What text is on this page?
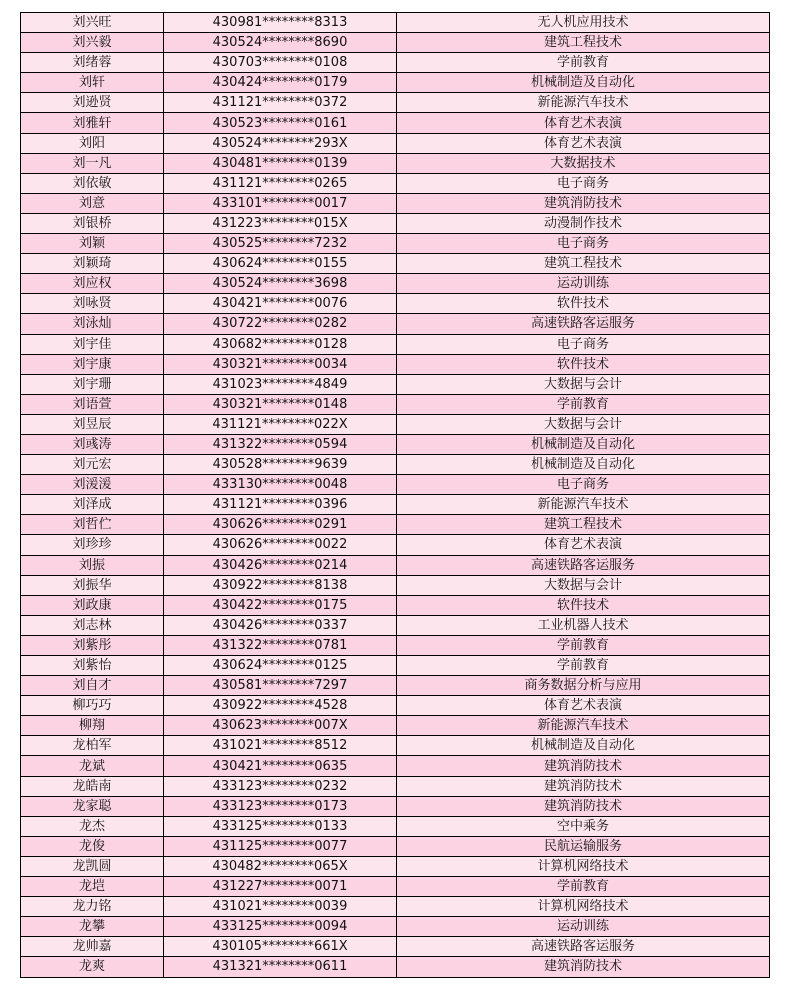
刘兴旺	430981********8313	无人机应用技术
刘兴毅	430524********8690	建筑工程技术
刘绪蓉	430703********0108	学前教育
刘轩	430424********0179	机械制造及自动化
刘逊贤	431121********0372	新能源汽车技术
刘雅轩	430523********0161	体育艺术表演
刘阳	430524********293X	体育艺术表演
刘一凡	430481********0139	大数据技术
刘依敏	431121********0265	电子商务
刘意	433101********0017	建筑消防技术
刘银桥	431223********015X	动漫制作技术
刘颖	430525********7232	电子商务
刘颖琦	430624********0155	建筑工程技术
刘应权	430524********3698	运动训练
刘咏贤	430421********0076	软件技术
刘泳灿	430722********0282	高速铁路客运服务
刘宇佳	430682********0128	电子商务
刘宇康	430321********0034	软件技术
刘宇珊	431023********4849	大数据与会计
刘语萱	430321********0148	学前教育
刘昱辰	431121********022X	大数据与会计
刘彧涛	431322********0594	机械制造及自动化
刘元宏	430528********9639	机械制造及自动化
刘湲湲	433130********0048	电子商务
刘泽成	431121********0396	新能源汽车技术
刘哲伫	430626********0291	建筑工程技术
刘珍珍	430626********0022	体育艺术表演
刘振	430426********0214	高速铁路客运服务
刘振华	430922********8138	大数据与会计
刘政康	430422********0175	软件技术
刘志林	430426********0337	工业机器人技术
刘紫彤	431322********0781	学前教育
刘紫怡	430624********0125	学前教育
刘自才	430581********7297	商务数据分析与应用
柳巧巧	430922********4528	体育艺术表演
柳翔	430623********007X	新能源汽车技术
龙柏军	431021********8512	机械制造及自动化
龙斌	430421********0635	建筑消防技术
龙皓南	433123********0232	建筑消防技术
龙家聪	433123********0173	建筑消防技术
龙杰	433125********0133	空中乘务
龙俊	431125********0077	民航运输服务
龙凯圆	430482********065X	计算机网络技术
龙垲	431227********0071	学前教育
龙力铭	431021********0039	计算机网络技术
龙攀	433125********0094	运动训练
龙帅嘉	430105********661X	高速铁路客运服务
龙爽	431321********0611	建筑消防技术
